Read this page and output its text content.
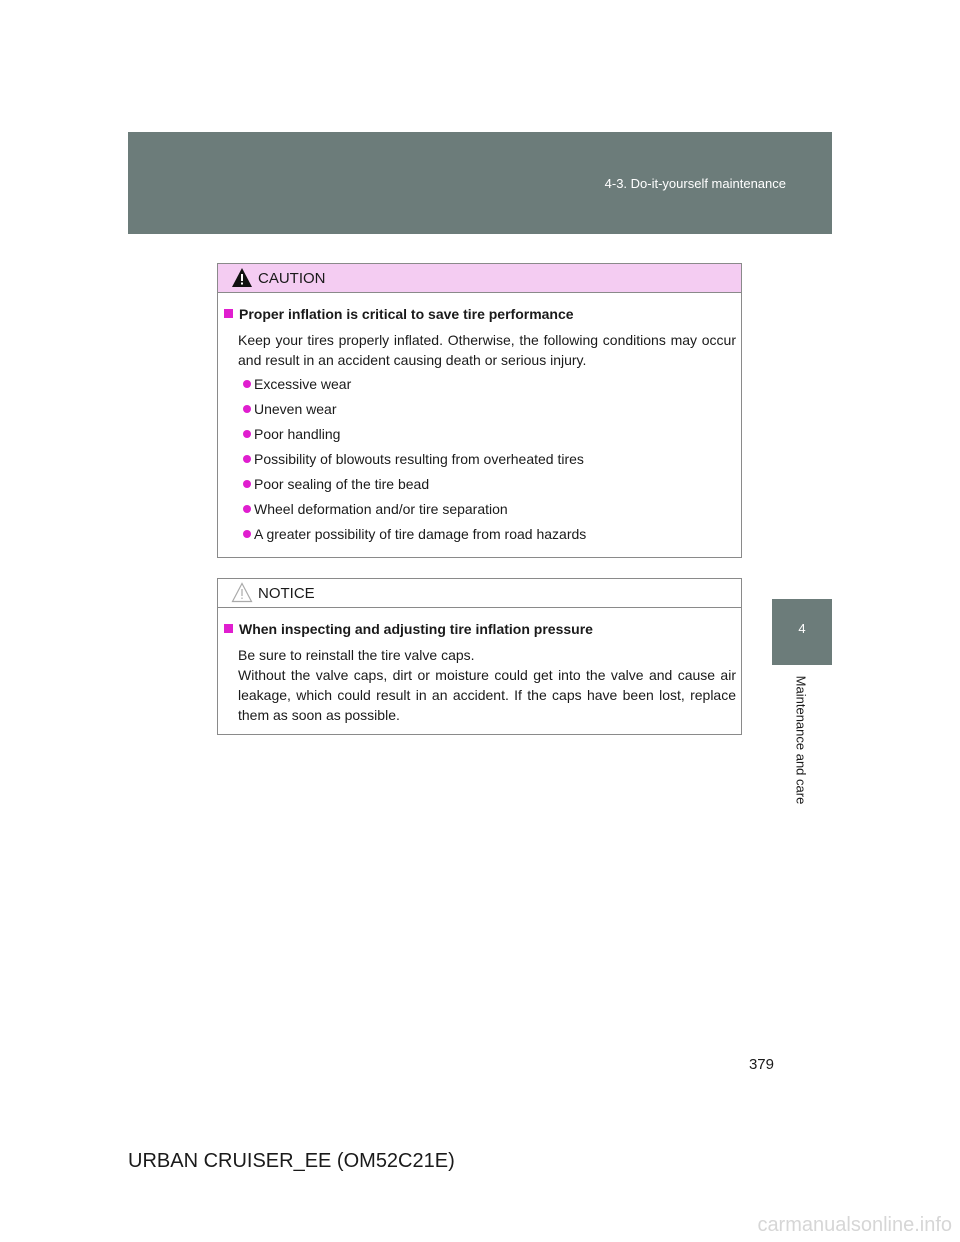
4-3. Do-it-yourself maintenance
4
Maintenance and care
CAUTION
Proper inflation is critical to save tire performance
Keep your tires properly inflated. Otherwise, the following conditions may occur and result in an accident causing death or serious injury.
Excessive wear
Uneven wear
Poor handling
Possibility of blowouts resulting from overheated tires
Poor sealing of the tire bead
Wheel deformation and/or tire separation
A greater possibility of tire damage from road hazards
NOTICE
When inspecting and adjusting tire inflation pressure
Be sure to reinstall the tire valve caps.
Without the valve caps, dirt or moisture could get into the valve and cause air leakage, which could result in an accident. If the caps have been lost, replace them as soon as possible.
379
URBAN CRUISER_EE (OM52C21E)
carmanualsonline.info
